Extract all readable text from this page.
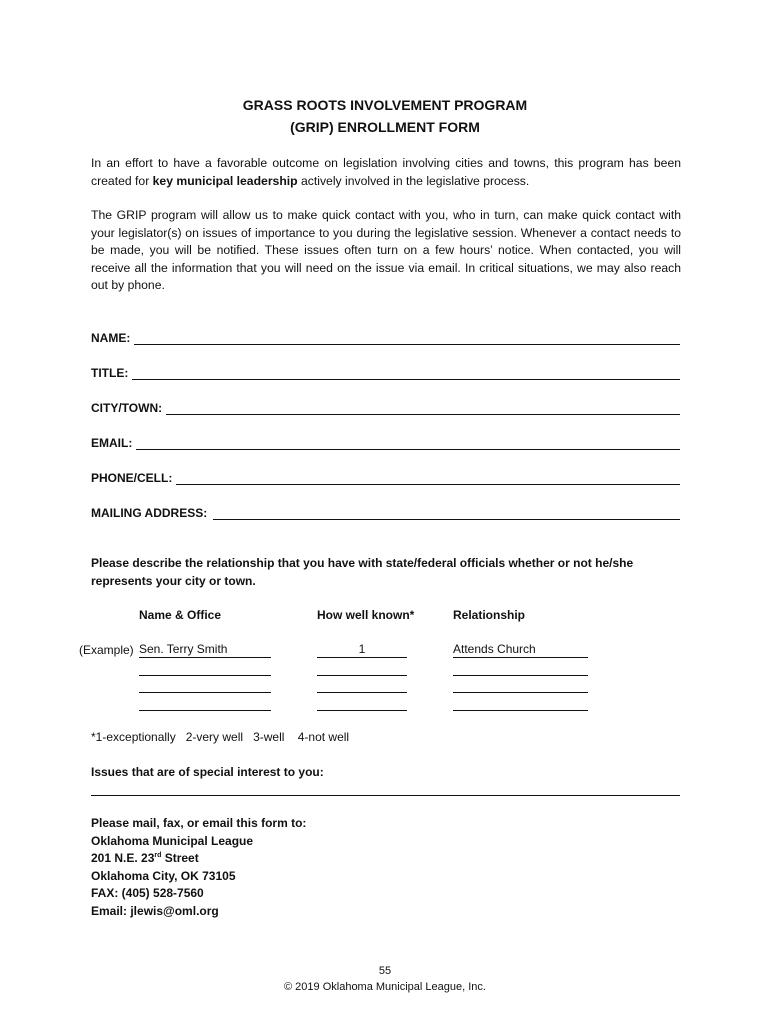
GRASS ROOTS INVOLVEMENT PROGRAM
(GRIP) ENROLLMENT FORM
In an effort to have a favorable outcome on legislation involving cities and towns, this program has been created for key municipal leadership actively involved in the legislative process.
The GRIP program will allow us to make quick contact with you, who in turn, can make quick contact with your legislator(s) on issues of importance to you during the legislative session. Whenever a contact needs to be made, you will be notified. These issues often turn on a few hours’ notice. When contacted, you will receive all the information that you will need on the issue via email. In critical situations, we may also reach out by phone.
NAME:
TITLE:
CITY/TOWN:
EMAIL:
PHONE/CELL:
MAILING ADDRESS:
Please describe the relationship that you have with state/federal officials whether or not he/she represents your city or town.
Name & Office	How well known*	Relationship
(Example) Sen. Terry Smith	1	Attends Church
*1-exceptionally   2-very well   3-well    4-not well
Issues that are of special interest to you:
Please mail, fax, or email this form to:
Oklahoma Municipal League
201 N.E. 23rd Street
Oklahoma City, OK 73105
FAX: (405) 528-7560
Email: jlewis@oml.org
55
© 2019 Oklahoma Municipal League, Inc.
